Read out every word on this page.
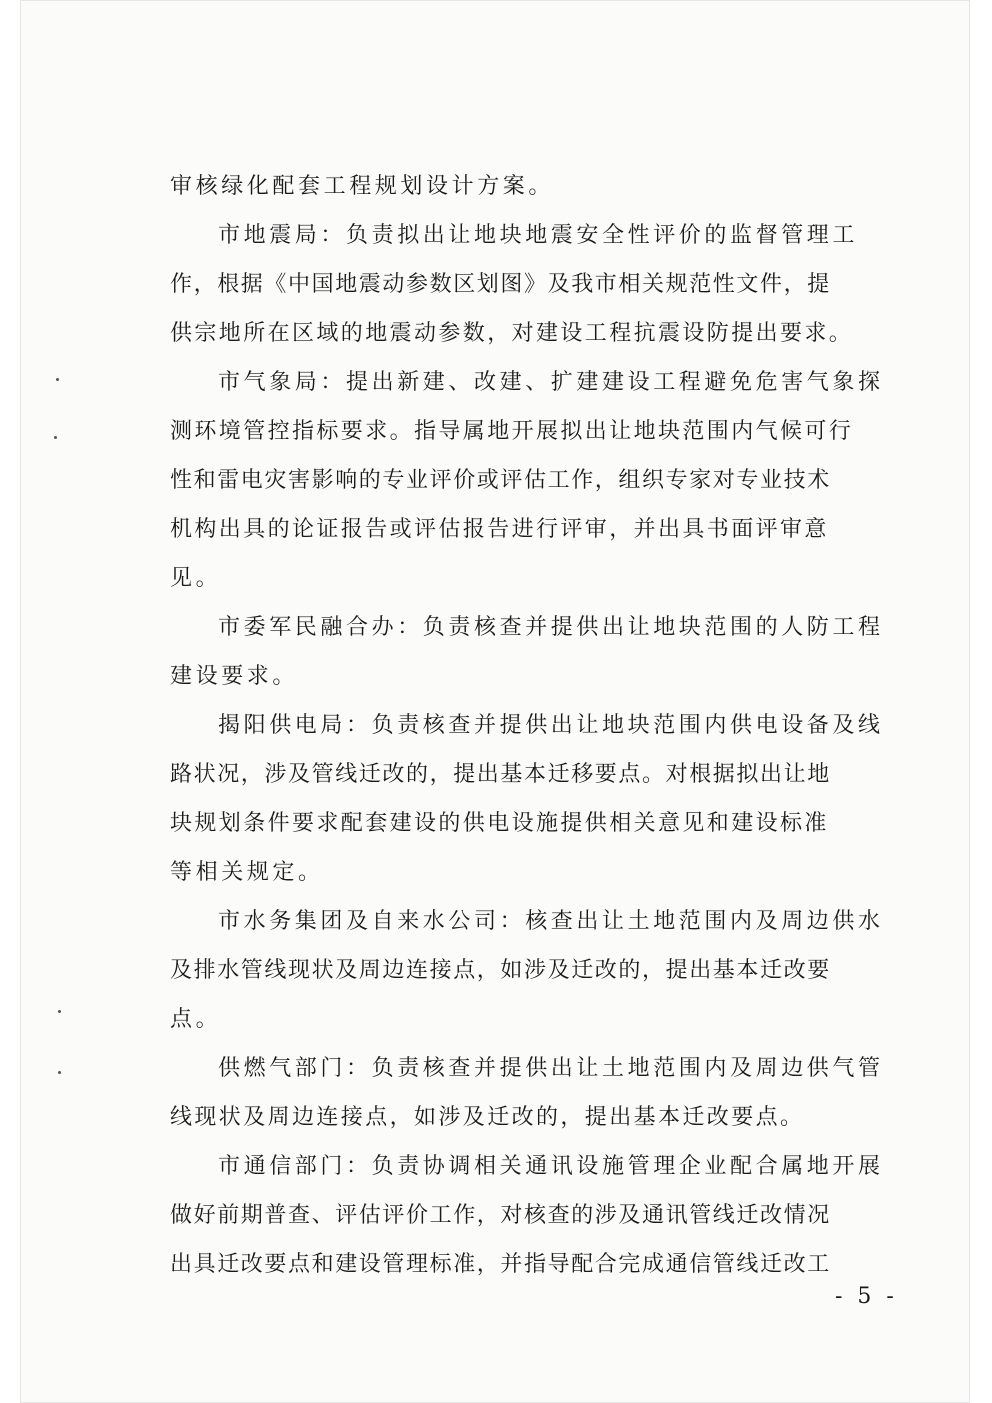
审核绿化配套工程规划设计方案。
市地震局：负责拟出让地块地震安全性评价的监督管理工
作，根据《中国地震动参数区划图》及我市相关规范性文件，提
供宗地所在区域的地震动参数，对建设工程抗震设防提出要求。
市气象局：提出新建、改建、扩建建设工程避免危害气象探
测环境管控指标要求。指导属地开展拟出让地块范围内气候可行
性和雷电灾害影响的专业评价或评估工作，组织专家对专业技术
机构出具的论证报告或评估报告进行评审，并出具书面评审意
见。
市委军民融合办：负责核查并提供出让地块范围的人防工程
建设要求。
揭阳供电局：负责核查并提供出让地块范围内供电设备及线
路状况，涉及管线迁改的，提出基本迁移要点。对根据拟出让地
块规划条件要求配套建设的供电设施提供相关意见和建设标准
等相关规定。
市水务集团及自来水公司：核查出让土地范围内及周边供水
及排水管线现状及周边连接点，如涉及迁改的，提出基本迁改要
点。
供燃气部门：负责核查并提供出让土地范围内及周边供气管
线现状及周边连接点，如涉及迁改的，提出基本迁改要点。
市通信部门：负责协调相关通讯设施管理企业配合属地开展
做好前期普查、评估评价工作，对核查的涉及通讯管线迁改情况
出具迁改要点和建设管理标准，并指导配合完成通信管线迁改工
- 5 -
